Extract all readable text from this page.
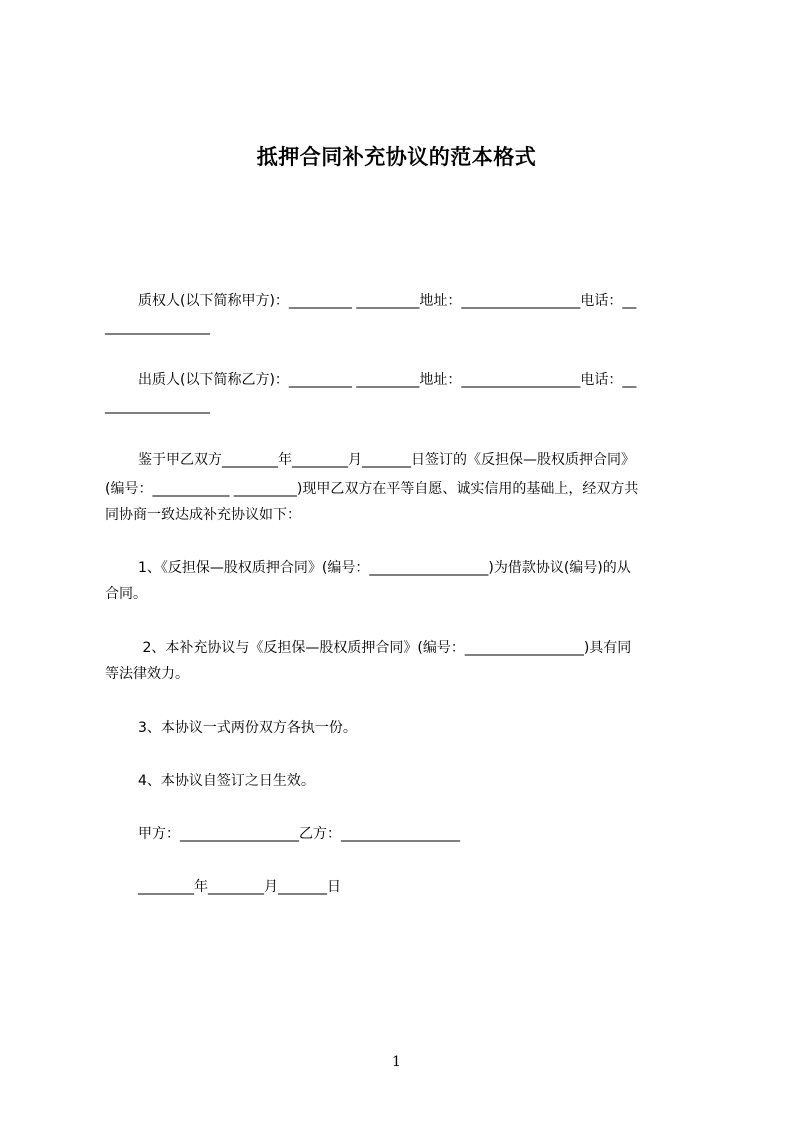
抵押合同补充协议的范本格式
质权人(以下简称甲方)：_________ _________地址：_________________电话：__
_______________
出质人(以下简称乙方)：_________ _________地址：_________________电话：__
_______________
鉴于甲乙双方________年________月_______日签订的《反担保—股权质押合同》
(编号：___________ _________)现甲乙双方在平等自愿、诚实信用的基础上，经双方共
同协商一致达成补充协议如下：
1、《反担保—股权质押合同》(编号：_________________)为借款协议(编号)的从
合同。
2、本补充协议与《反担保—股权质押合同》(编号：_________________)具有同
等法律效力。
3、本协议一式两份双方各执一份。
4、本协议自签订之日生效。
甲方：_________________乙方：_________________
________年________月_______日
1
